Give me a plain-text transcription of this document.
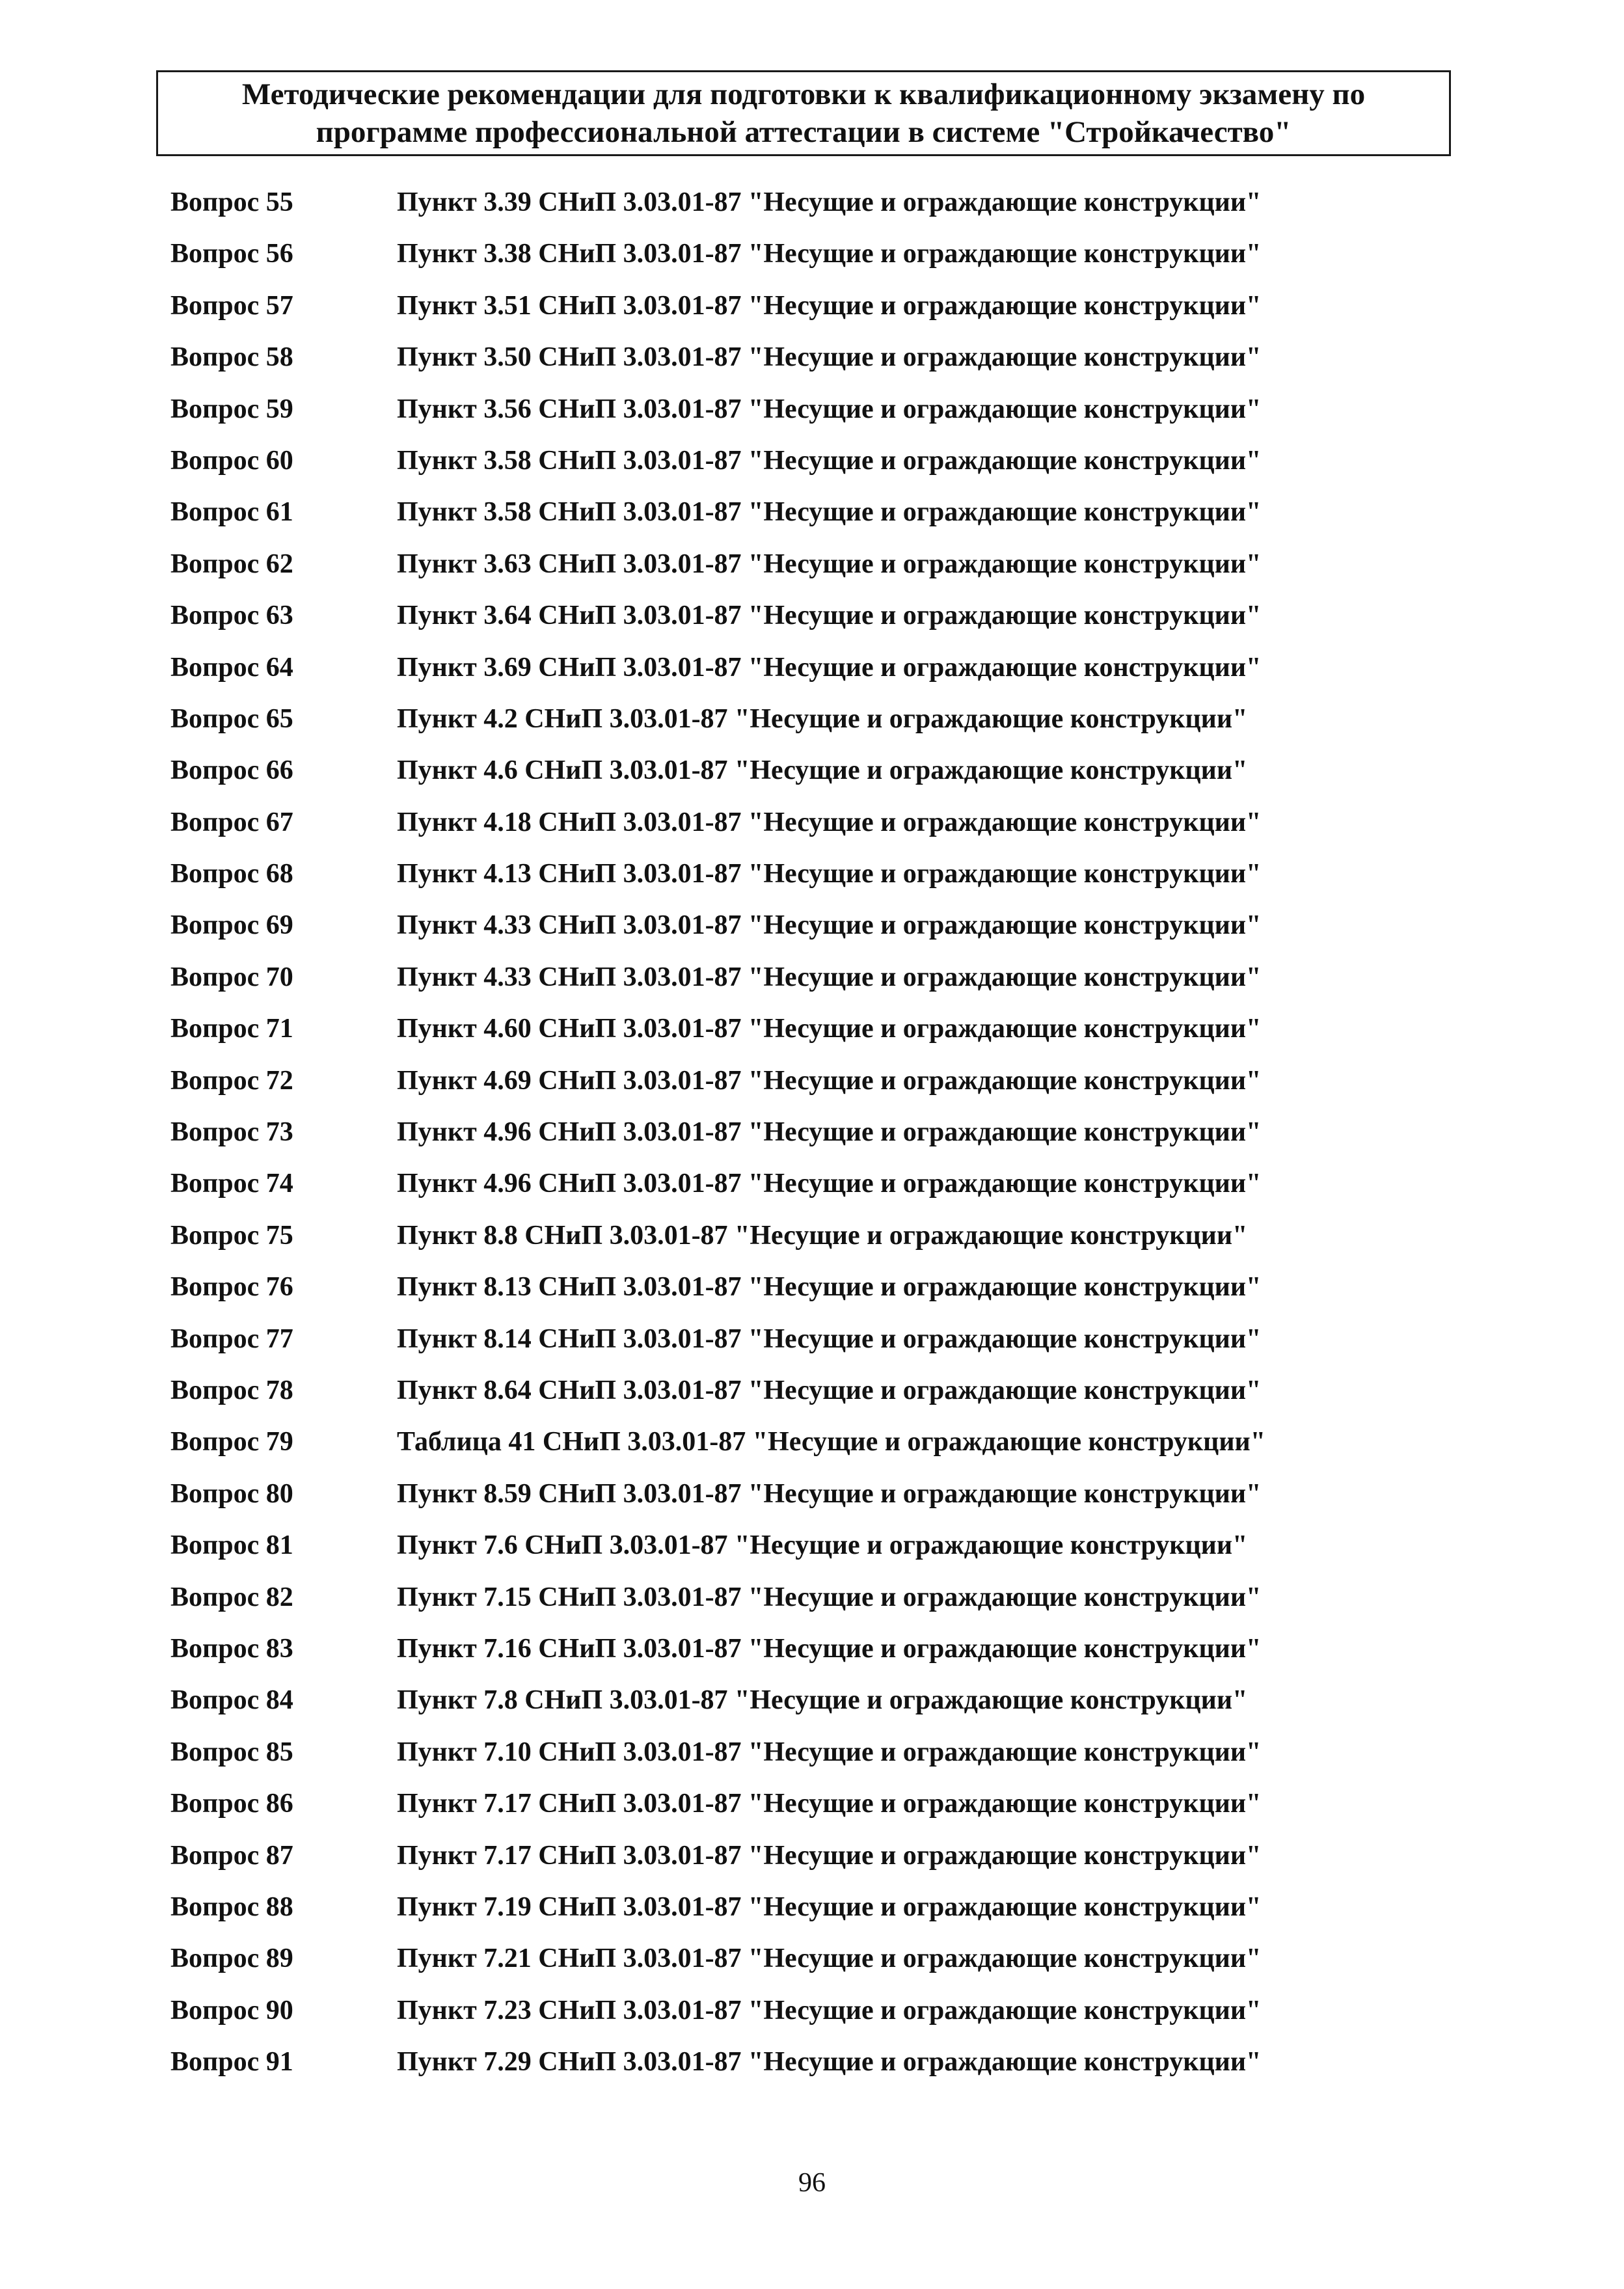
Методические рекомендации для подготовки к квалификационному экзамену по
программе профессиональной аттестации в системе "Стройкачество"
Вопрос 55	Пункт 3.39 СНиП 3.03.01-87 "Несущие и ограждающие конструкции"
Вопрос 56	Пункт 3.38 СНиП 3.03.01-87 "Несущие и ограждающие конструкции"
Вопрос 57	Пункт 3.51 СНиП 3.03.01-87 "Несущие и ограждающие конструкции"
Вопрос 58	Пункт 3.50 СНиП 3.03.01-87 "Несущие и ограждающие конструкции"
Вопрос 59	Пункт 3.56 СНиП 3.03.01-87 "Несущие и ограждающие конструкции"
Вопрос 60	Пункт 3.58 СНиП 3.03.01-87 "Несущие и ограждающие конструкции"
Вопрос 61	Пункт 3.58 СНиП 3.03.01-87 "Несущие и ограждающие конструкции"
Вопрос 62	Пункт 3.63 СНиП 3.03.01-87 "Несущие и ограждающие конструкции"
Вопрос 63	Пункт 3.64 СНиП 3.03.01-87 "Несущие и ограждающие конструкции"
Вопрос 64	Пункт 3.69 СНиП 3.03.01-87 "Несущие и ограждающие конструкции"
Вопрос 65	Пункт 4.2 СНиП 3.03.01-87 "Несущие и ограждающие конструкции"
Вопрос 66	Пункт 4.6 СНиП 3.03.01-87 "Несущие и ограждающие конструкции"
Вопрос 67	Пункт 4.18 СНиП 3.03.01-87 "Несущие и ограждающие конструкции"
Вопрос 68	Пункт 4.13 СНиП 3.03.01-87 "Несущие и ограждающие конструкции"
Вопрос 69	Пункт 4.33 СНиП 3.03.01-87 "Несущие и ограждающие конструкции"
Вопрос 70	Пункт 4.33 СНиП 3.03.01-87 "Несущие и ограждающие конструкции"
Вопрос 71	Пункт 4.60 СНиП 3.03.01-87 "Несущие и ограждающие конструкции"
Вопрос 72	Пункт 4.69 СНиП 3.03.01-87 "Несущие и ограждающие конструкции"
Вопрос 73	Пункт 4.96 СНиП 3.03.01-87 "Несущие и ограждающие конструкции"
Вопрос 74	Пункт 4.96 СНиП 3.03.01-87 "Несущие и ограждающие конструкции"
Вопрос 75	Пункт 8.8 СНиП 3.03.01-87 "Несущие и ограждающие конструкции"
Вопрос 76	Пункт 8.13 СНиП 3.03.01-87 "Несущие и ограждающие конструкции"
Вопрос 77	Пункт 8.14 СНиП 3.03.01-87 "Несущие и ограждающие конструкции"
Вопрос 78	Пункт 8.64 СНиП 3.03.01-87 "Несущие и ограждающие конструкции"
Вопрос 79	Таблица 41 СНиП 3.03.01-87 "Несущие и ограждающие конструкции"
Вопрос 80	Пункт 8.59 СНиП 3.03.01-87 "Несущие и ограждающие конструкции"
Вопрос 81	Пункт 7.6 СНиП 3.03.01-87 "Несущие и ограждающие конструкции"
Вопрос 82	Пункт 7.15 СНиП 3.03.01-87 "Несущие и ограждающие конструкции"
Вопрос 83	Пункт 7.16 СНиП 3.03.01-87 "Несущие и ограждающие конструкции"
Вопрос 84	Пункт 7.8 СНиП 3.03.01-87 "Несущие и ограждающие конструкции"
Вопрос 85	Пункт 7.10 СНиП 3.03.01-87 "Несущие и ограждающие конструкции"
Вопрос 86	Пункт 7.17 СНиП 3.03.01-87 "Несущие и ограждающие конструкции"
Вопрос 87	Пункт 7.17 СНиП 3.03.01-87 "Несущие и ограждающие конструкции"
Вопрос 88	Пункт 7.19 СНиП 3.03.01-87 "Несущие и ограждающие конструкции"
Вопрос 89	Пункт 7.21 СНиП 3.03.01-87 "Несущие и ограждающие конструкции"
Вопрос 90	Пункт 7.23 СНиП 3.03.01-87 "Несущие и ограждающие конструкции"
Вопрос 91	Пункт 7.29 СНиП 3.03.01-87 "Несущие и ограждающие конструкции"
96
